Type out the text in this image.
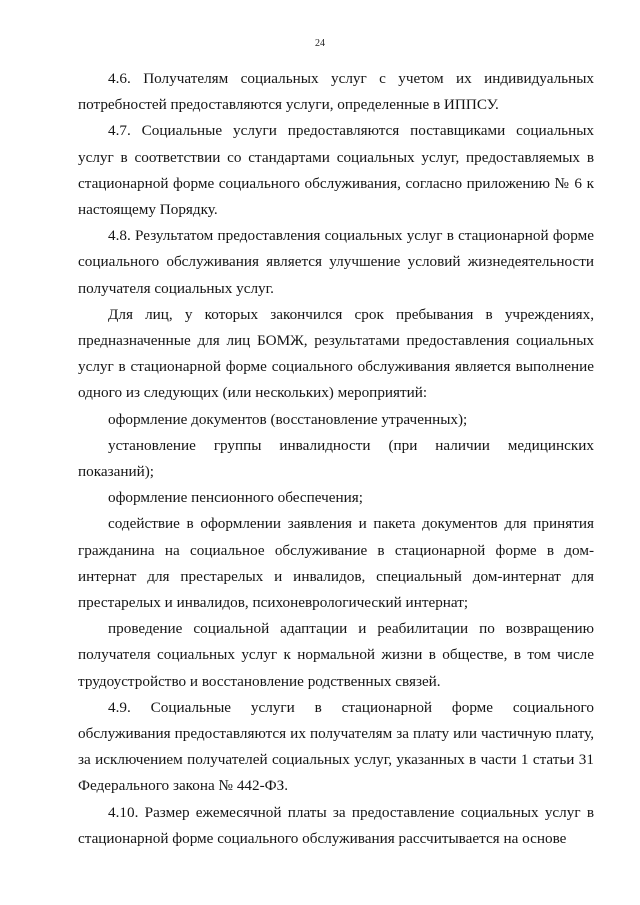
24

4.6. Получателям социальных услуг с учетом их индивидуальных потребностей предоставляются услуги, определенные в ИППСУ.

4.7. Социальные услуги предоставляются поставщиками социальных услуг в соответствии со стандартами социальных услуг, предоставляемых в стационарной форме социального обслуживания, согласно приложению № 6 к настоящему Порядку.

4.8. Результатом предоставления социальных услуг в стационарной форме социального обслуживания является улучшение условий жизнедеятельности получателя социальных услуг.

Для лиц, у которых закончился срок пребывания в учреждениях, предназначенные для лиц БОМЖ, результатами предоставления социальных услуг в стационарной форме социального обслуживания является выполнение одного из следующих (или нескольких) мероприятий:

оформление документов (восстановление утраченных);

установление группы инвалидности (при наличии медицинских показаний);

оформление пенсионного обеспечения;

содействие в оформлении заявления и пакета документов для принятия гражданина на социальное обслуживание в стационарной форме в дом-интернат для престарелых и инвалидов, специальный дом-интернат для престарелых и инвалидов, психоневрологический интернат;

проведение социальной адаптации и реабилитации по возвращению получателя социальных услуг к нормальной жизни в обществе, в том числе трудоустройство и восстановление родственных связей.

4.9. Социальные услуги в стационарной форме социального обслуживания предоставляются их получателям за плату или частичную плату, за исключением получателей социальных услуг, указанных в части 1 статьи 31 Федерального закона № 442-ФЗ.

4.10. Размер ежемесячной платы за предоставление социальных услуг в стационарной форме социального обслуживания рассчитывается на основе
